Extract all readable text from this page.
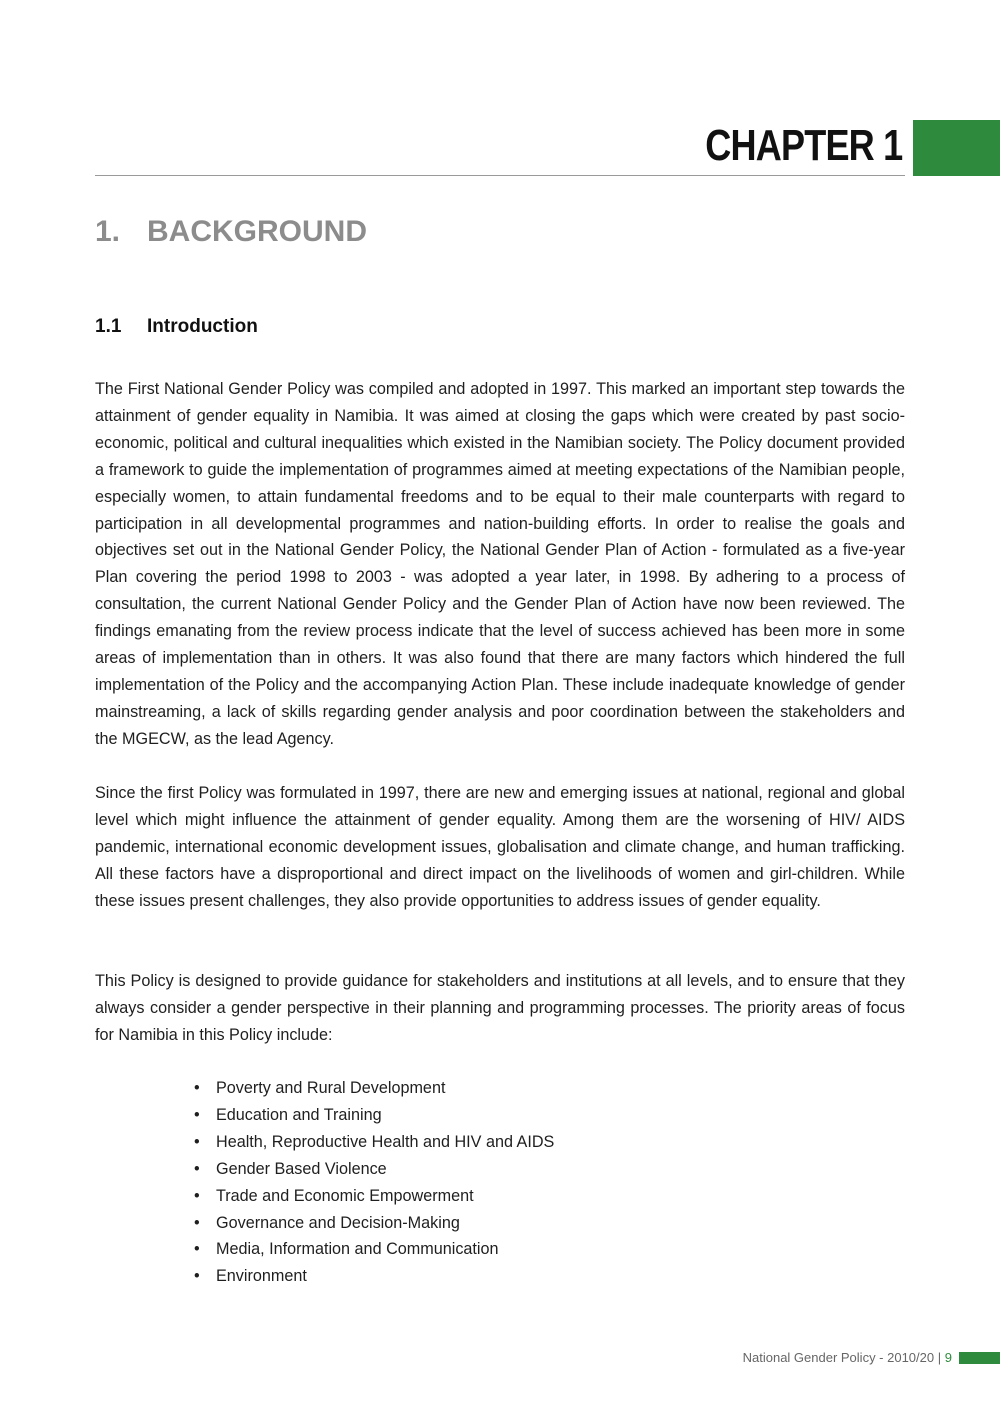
CHAPTER 1
1. BACKGROUND
1.1 Introduction

The First National Gender Policy was compiled and adopted in 1997. This marked an important step towards the attainment of gender equality in Namibia. It was aimed at closing the gaps which were created by past socio-economic, political and cultural inequalities which existed in the Namibian society. The Policy document provided a framework to guide the implementation of programmes aimed at meeting expectations of the Namibian people, especially women, to attain fundamental freedoms and to be equal to their male counterparts with regard to participation in all developmental programmes and nation-building efforts. In order to realise the goals and objectives set out in the National Gender Policy, the National Gender Plan of Action - formulated as a five-year Plan covering the period 1998 to 2003 - was adopted a year later, in 1998. By adhering to a process of consultation, the current National Gender Policy and the Gender Plan of Action have now been reviewed. The findings emanating from the review process indicate that the level of success achieved has been more in some areas of implementation than in others. It was also found that there are many factors which hindered the full implementation of the Policy and the accompanying Action Plan. These include inadequate knowledge of gender mainstreaming, a lack of skills regarding gender analysis and poor coordination between the stakeholders and the MGECW, as the lead Agency.

Since the first Policy was formulated in 1997, there are new and emerging issues at national, regional and global level which might influence the attainment of gender equality. Among them are the worsening of HIV/ AIDS pandemic, international economic development issues, globalisation and climate change, and human trafficking. All these factors have a disproportional and direct impact on the livelihoods of women and girl-children. While these issues present challenges, they also provide opportunities to address issues of gender equality.

This Policy is designed to provide guidance for stakeholders and institutions at all levels, and to ensure that they always consider a gender perspective in their planning and programming processes. The priority areas of focus for Namibia in this Policy include:

• Poverty and Rural Development
• Education and Training
• Health, Reproductive Health and HIV and AIDS
• Gender Based Violence
• Trade and Economic Empowerment
• Governance and Decision-Making
• Media, Information and Communication
• Environment
National Gender Policy - 2010/20 | 9
